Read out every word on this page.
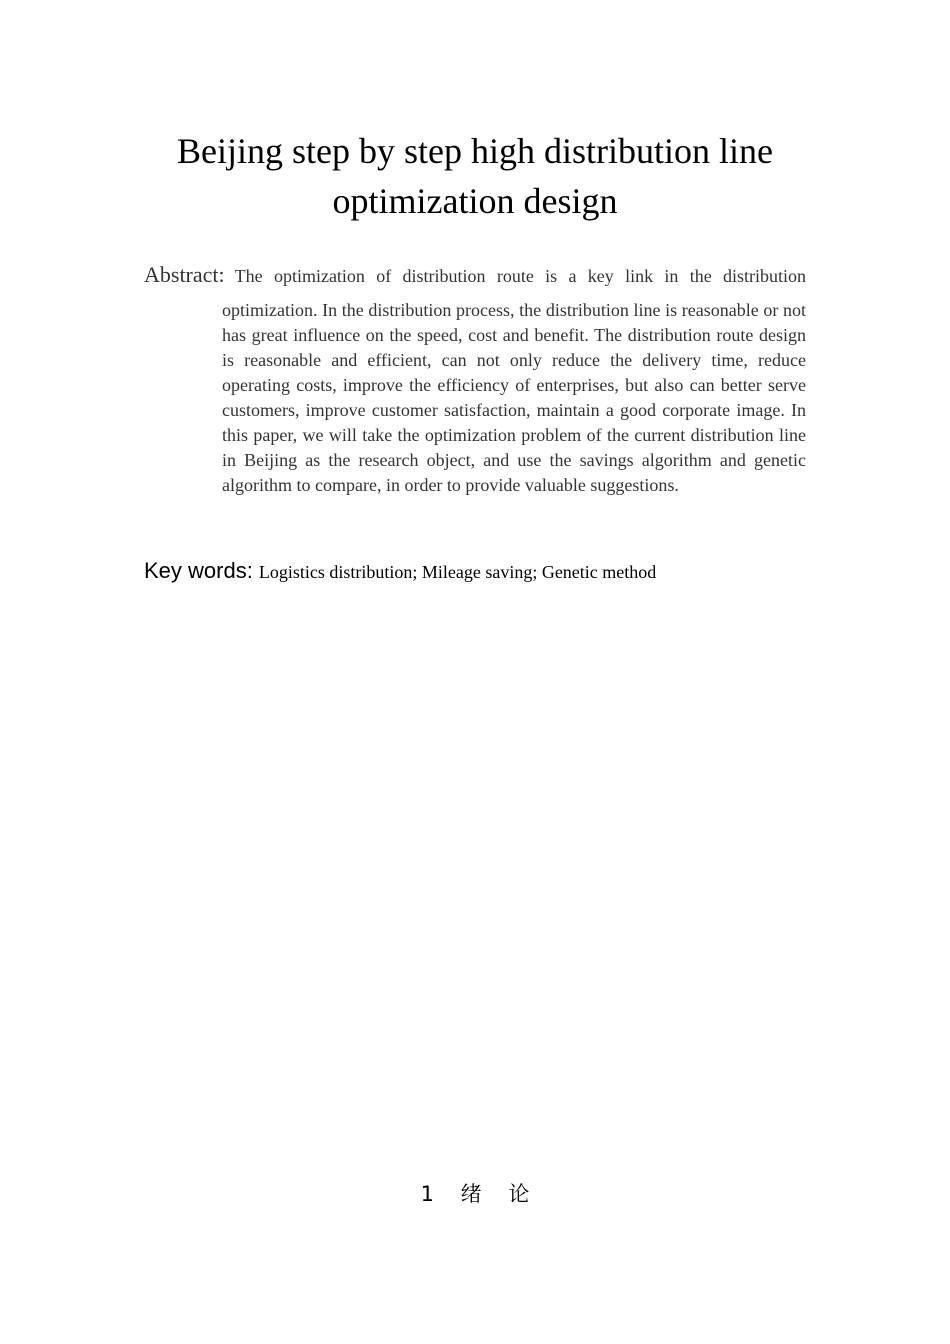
Beijing step by step high distribution line optimization design
Abstract : The optimization of distribution route is a key link in the distribution

optimization. In the distribution process, the distribution line is reasonable or not has great influence on the speed, cost and benefit. The distribution route design is reasonable and efficient, can not only reduce the delivery time, reduce operating costs, improve the efficiency of enterprises, but also can better serve customers, improve customer satisfaction, maintain a good corporate image. In this paper, we will take the optimization problem of the current distribution line in Beijing as the research object, and use the savings algorithm and genetic algorithm to compare, in order to provide valuable suggestions.

Key words: Logistics distribution; Mileage saving; Genetic method
1 绪 论
